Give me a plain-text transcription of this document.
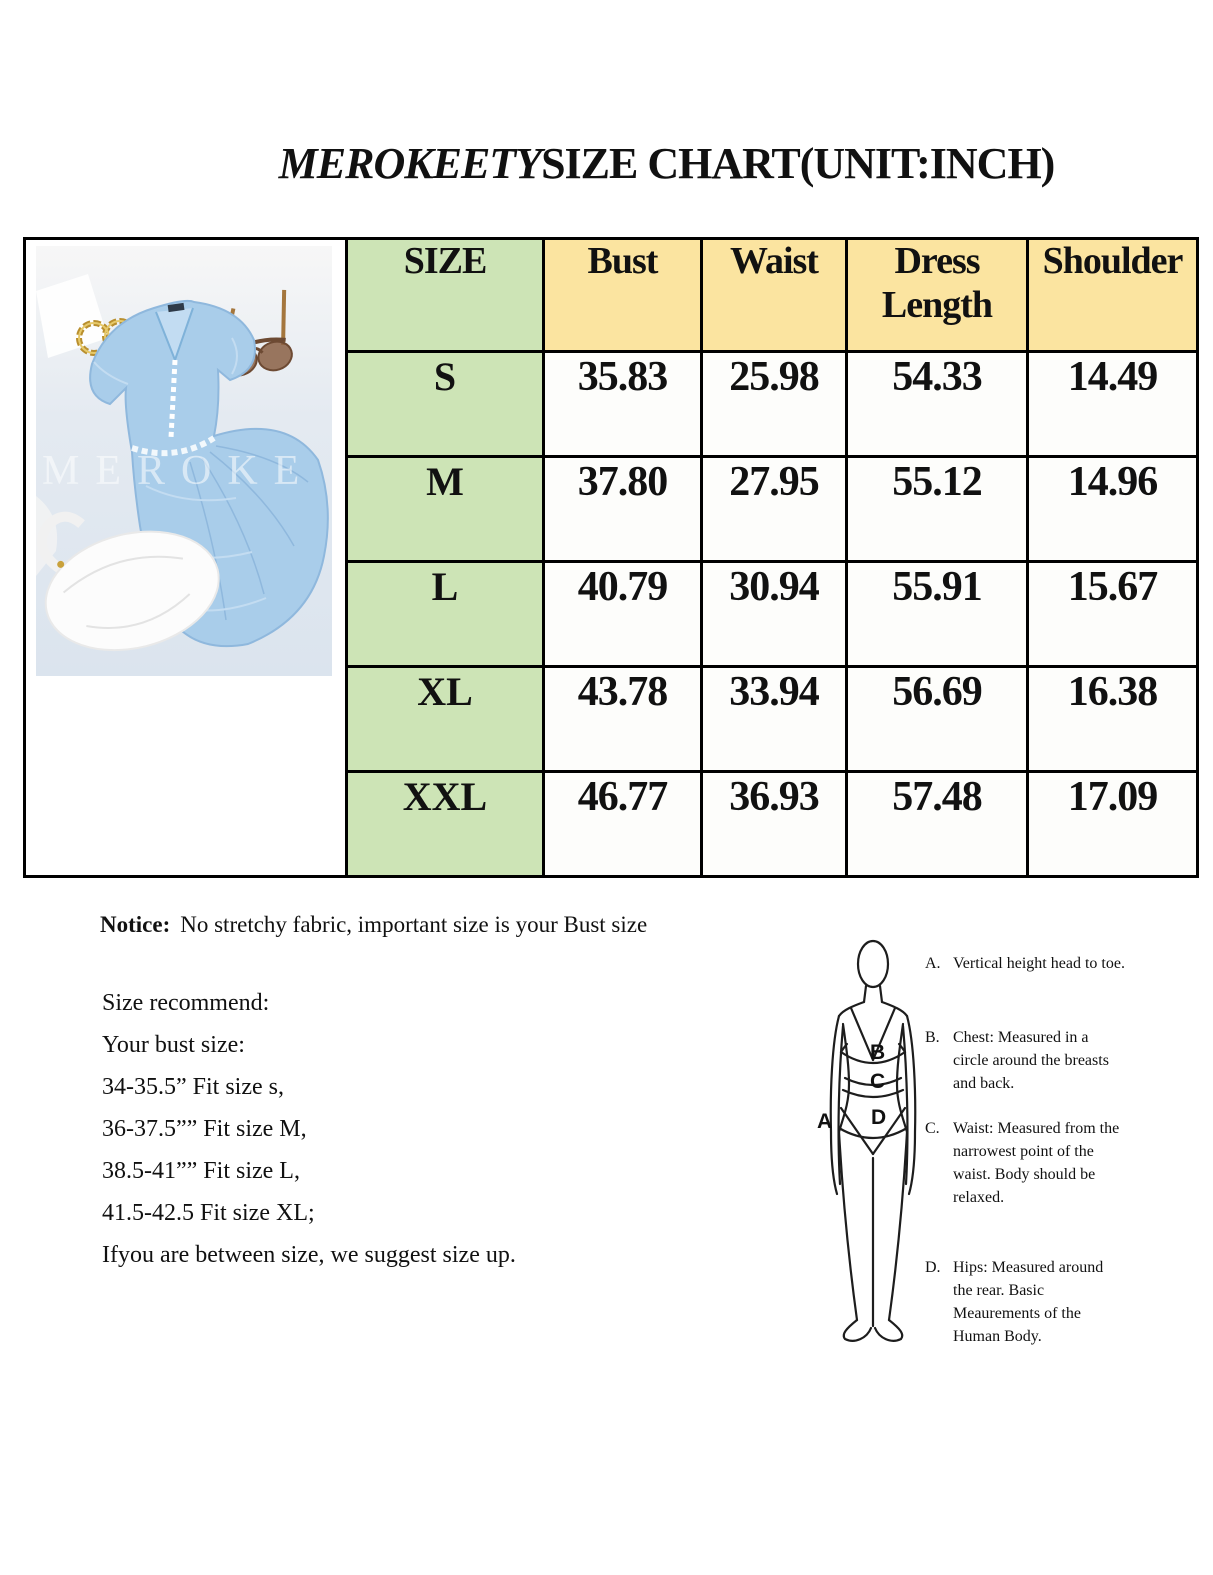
MEROKEETYSIZE CHART(UNIT:INCH)
MEROKE	SIZE	Bust	Waist	Dress Length	Shoulder
	S	35.83	25.98	54.33	14.49
	M	37.80	27.95	55.12	14.96
	L	40.79	30.94	55.91	15.67
	XL	43.78	33.94	56.69	16.38
	XXL	46.77	36.93	57.48	17.09
Notice: No stretchy fabric, important size is your Bust size
Size recommend:
Your bust size:
34-35.5” Fit size s,
36-37.5”” Fit size M,
38.5-41”” Fit size L,
41.5-42.5 Fit size XL;
Ifyou are between size, we suggest size up.
B
C
D
A
A. Vertical height head to toe.
B. Chest: Measured in a circle around the breasts and back.
C. Waist: Measured from the narrowest point of the waist. Body should be relaxed.
D. Hips: Measured around the rear. Basic Meaurements of the Human Body.
